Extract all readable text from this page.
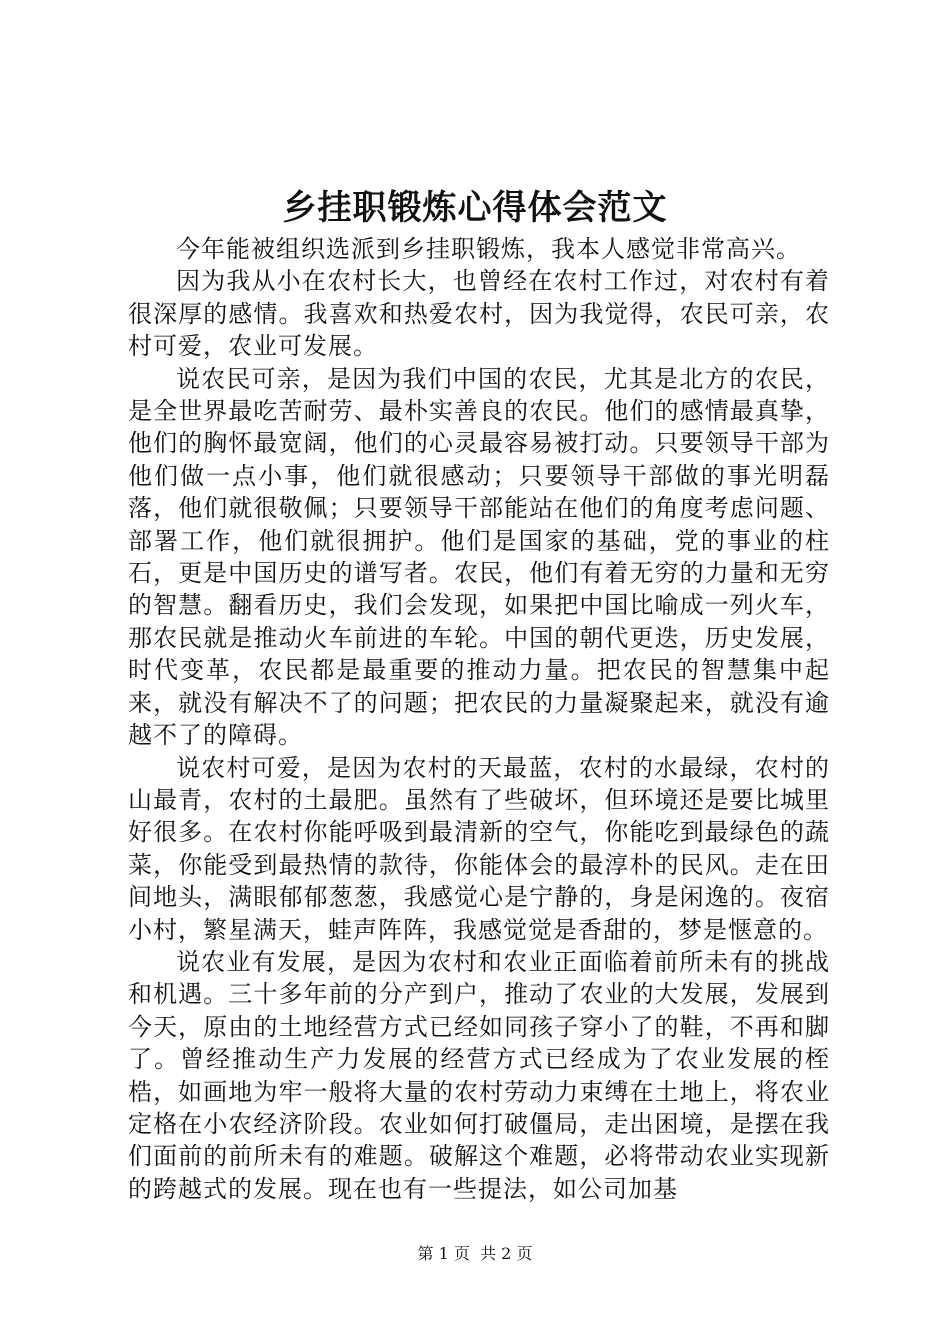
乡挂职锻炼心得体会范文

今年能被组织选派到乡挂职锻炼，我本人感觉非常高兴。

因为我从小在农村长大，也曾经在农村工作过，对农村有着很深厚的感情。我喜欢和热爱农村，因为我觉得，农民可亲，农村可爱，农业可发展。

说农民可亲，是因为我们中国的农民，尤其是北方的农民，是全世界最吃苦耐劳、最朴实善良的农民。他们的感情最真挚，他们的胸怀最宽阔，他们的心灵最容易被打动。只要领导干部为他们做一点小事，他们就很感动；只要领导干部做的事光明磊落，他们就很敬佩；只要领导干部能站在他们的角度考虑问题、部署工作，他们就很拥护。他们是国家的基础，党的事业的柱石，更是中国历史的谱写者。农民，他们有着无穷的力量和无穷的智慧。翻看历史，我们会发现，如果把中国比喻成一列火车，那农民就是推动火车前进的车轮。中国的朝代更迭，历史发展，时代变革，农民都是最重要的推动力量。把农民的智慧集中起来，就没有解决不了的问题；把农民的力量凝聚起来，就没有逾越不了的障碍。

说农村可爱，是因为农村的天最蓝，农村的水最绿，农村的山最青，农村的土最肥。虽然有了些破坏，但环境还是要比城里好很多。在农村你能呼吸到最清新的空气，你能吃到最绿色的蔬菜，你能受到最热情的款待，你能体会的最淳朴的民风。走在田间地头，满眼郁郁葱葱，我感觉心是宁静的，身是闲逸的。夜宿小村，繁星满天，蛙声阵阵，我感觉觉是香甜的，梦是惬意的。

说农业有发展，是因为农村和农业正面临着前所未有的挑战和机遇。三十多年前的分产到户，推动了农业的大发展，发展到今天，原由的土地经营方式已经如同孩子穿小了的鞋，不再和脚了。曾经推动生产力发展的经营方式已经成为了农业发展的桎梏，如画地为牢一般将大量的农村劳动力束缚在土地上，将农业定格在小农经济阶段。农业如何打破僵局，走出困境，是摆在我们面前的前所未有的难题。破解这个难题，必将带动农业实现新的跨越式的发展。现在也有一些提法，如公司加基

第 1 页  共 2 页
